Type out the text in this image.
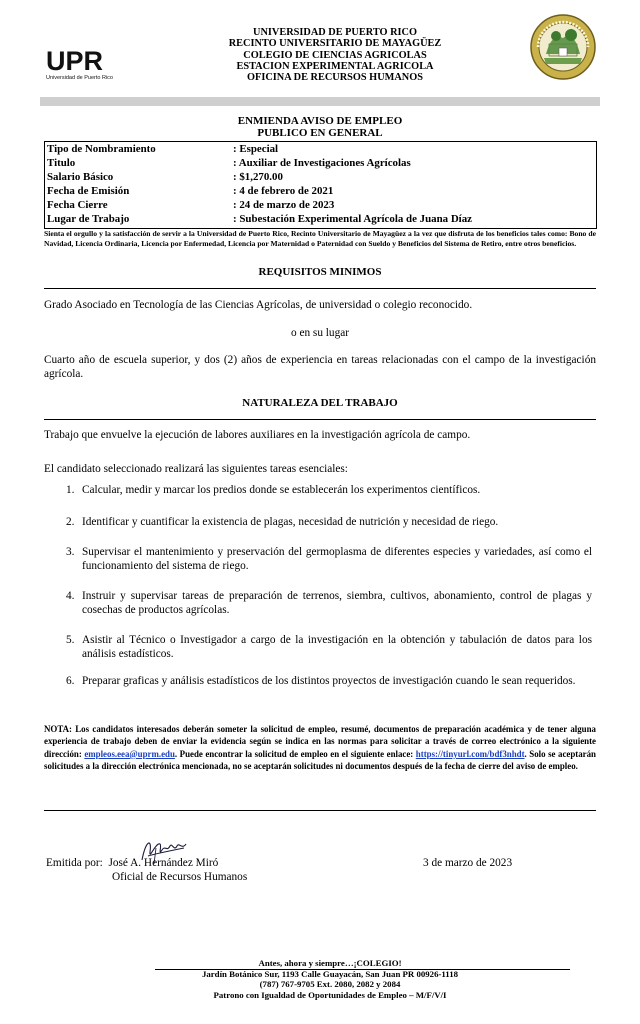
UPR
Universidad de Puerto Rico
UNIVERSIDAD DE PUERTO RICO
RECINTO UNIVERSITARIO DE MAYAGÜEZ
COLEGIO DE CIENCIAS AGRICOLAS
ESTACION EXPERIMENTAL AGRICOLA
OFICINA DE RECURSOS HUMANOS
ENMIENDA AVISO DE EMPLEO
PUBLICO EN GENERAL
Tipo de Nombramiento	: Especial
Titulo	: Auxiliar de Investigaciones Agrícolas
Salario Básico	: $1,270.00
Fecha de Emisión	: 4 de febrero de 2021
Fecha Cierre	: 24 de marzo de 2023
Lugar de Trabajo	: Subestación Experimental Agrícola de Juana Díaz
Sienta el orgullo y la satisfacción de servir a la Universidad de Puerto Rico, Recinto Universitario de Mayagüez a la vez que disfruta de los beneficios tales como: Bono de Navidad, Licencia Ordinaria, Licencia por Enfermedad, Licencia por Maternidad o Paternidad con Sueldo y Beneficios del Sistema de Retiro, entre otros beneficios.
REQUISITOS MINIMOS
Grado Asociado en Tecnología de las Ciencias Agrícolas, de universidad o colegio reconocido.
o en su lugar
Cuarto año de escuela superior, y dos (2) años de experiencia en tareas relacionadas con el campo de la investigación agrícola.
NATURALEZA DEL TRABAJO
Trabajo que envuelve la ejecución de labores auxiliares en la investigación agrícola de campo.
El candidato seleccionado realizará las siguientes tareas esenciales:
1. Calcular, medir y marcar los predios donde se establecerán los experimentos científicos.
2. Identificar y cuantificar la existencia de plagas, necesidad de nutrición y necesidad de riego.
3. Supervisar el mantenimiento y preservación del germoplasma de diferentes especies y variedades, así como el funcionamiento del sistema de riego.
4. Instruir y supervisar tareas de preparación de terrenos, siembra, cultivos, abonamiento, control de plagas y cosechas de productos agrícolas.
5. Asistir al Técnico o Investigador a cargo de la investigación en la obtención y tabulación de datos para los análisis estadísticos.
6. Preparar graficas y análisis estadísticos de los distintos proyectos de investigación cuando le sean requeridos.
NOTA: Los candidatos interesados deberán someter la solicitud de empleo, resumé, documentos de preparación académica y de tener alguna experiencia de trabajo deben de enviar la evidencia según se indica en las normas para solicitar a través de correo electrónico a la siguiente dirección: empleos.eea@uprm.edu. Puede encontrar la solicitud de empleo en el siguiente enlace: https://tinyurl.com/bdf3nhdt. Solo se aceptarán solicitudes a la dirección electrónica mencionada, no se aceptarán solicitudes ni documentos después de la fecha de cierre del aviso de empleo.
Emitida por: José A. Hernández Miró
Oficial de Recursos Humanos
3 de marzo de 2023
Antes, ahora y siempre…¡COLEGIO!
Jardín Botánico Sur, 1193 Calle Guayacán, San Juan PR 00926-1118
(787) 767-9705 Ext. 2080, 2082 y 2084
Patrono con Igualdad de Oportunidades de Empleo – M/F/V/I
